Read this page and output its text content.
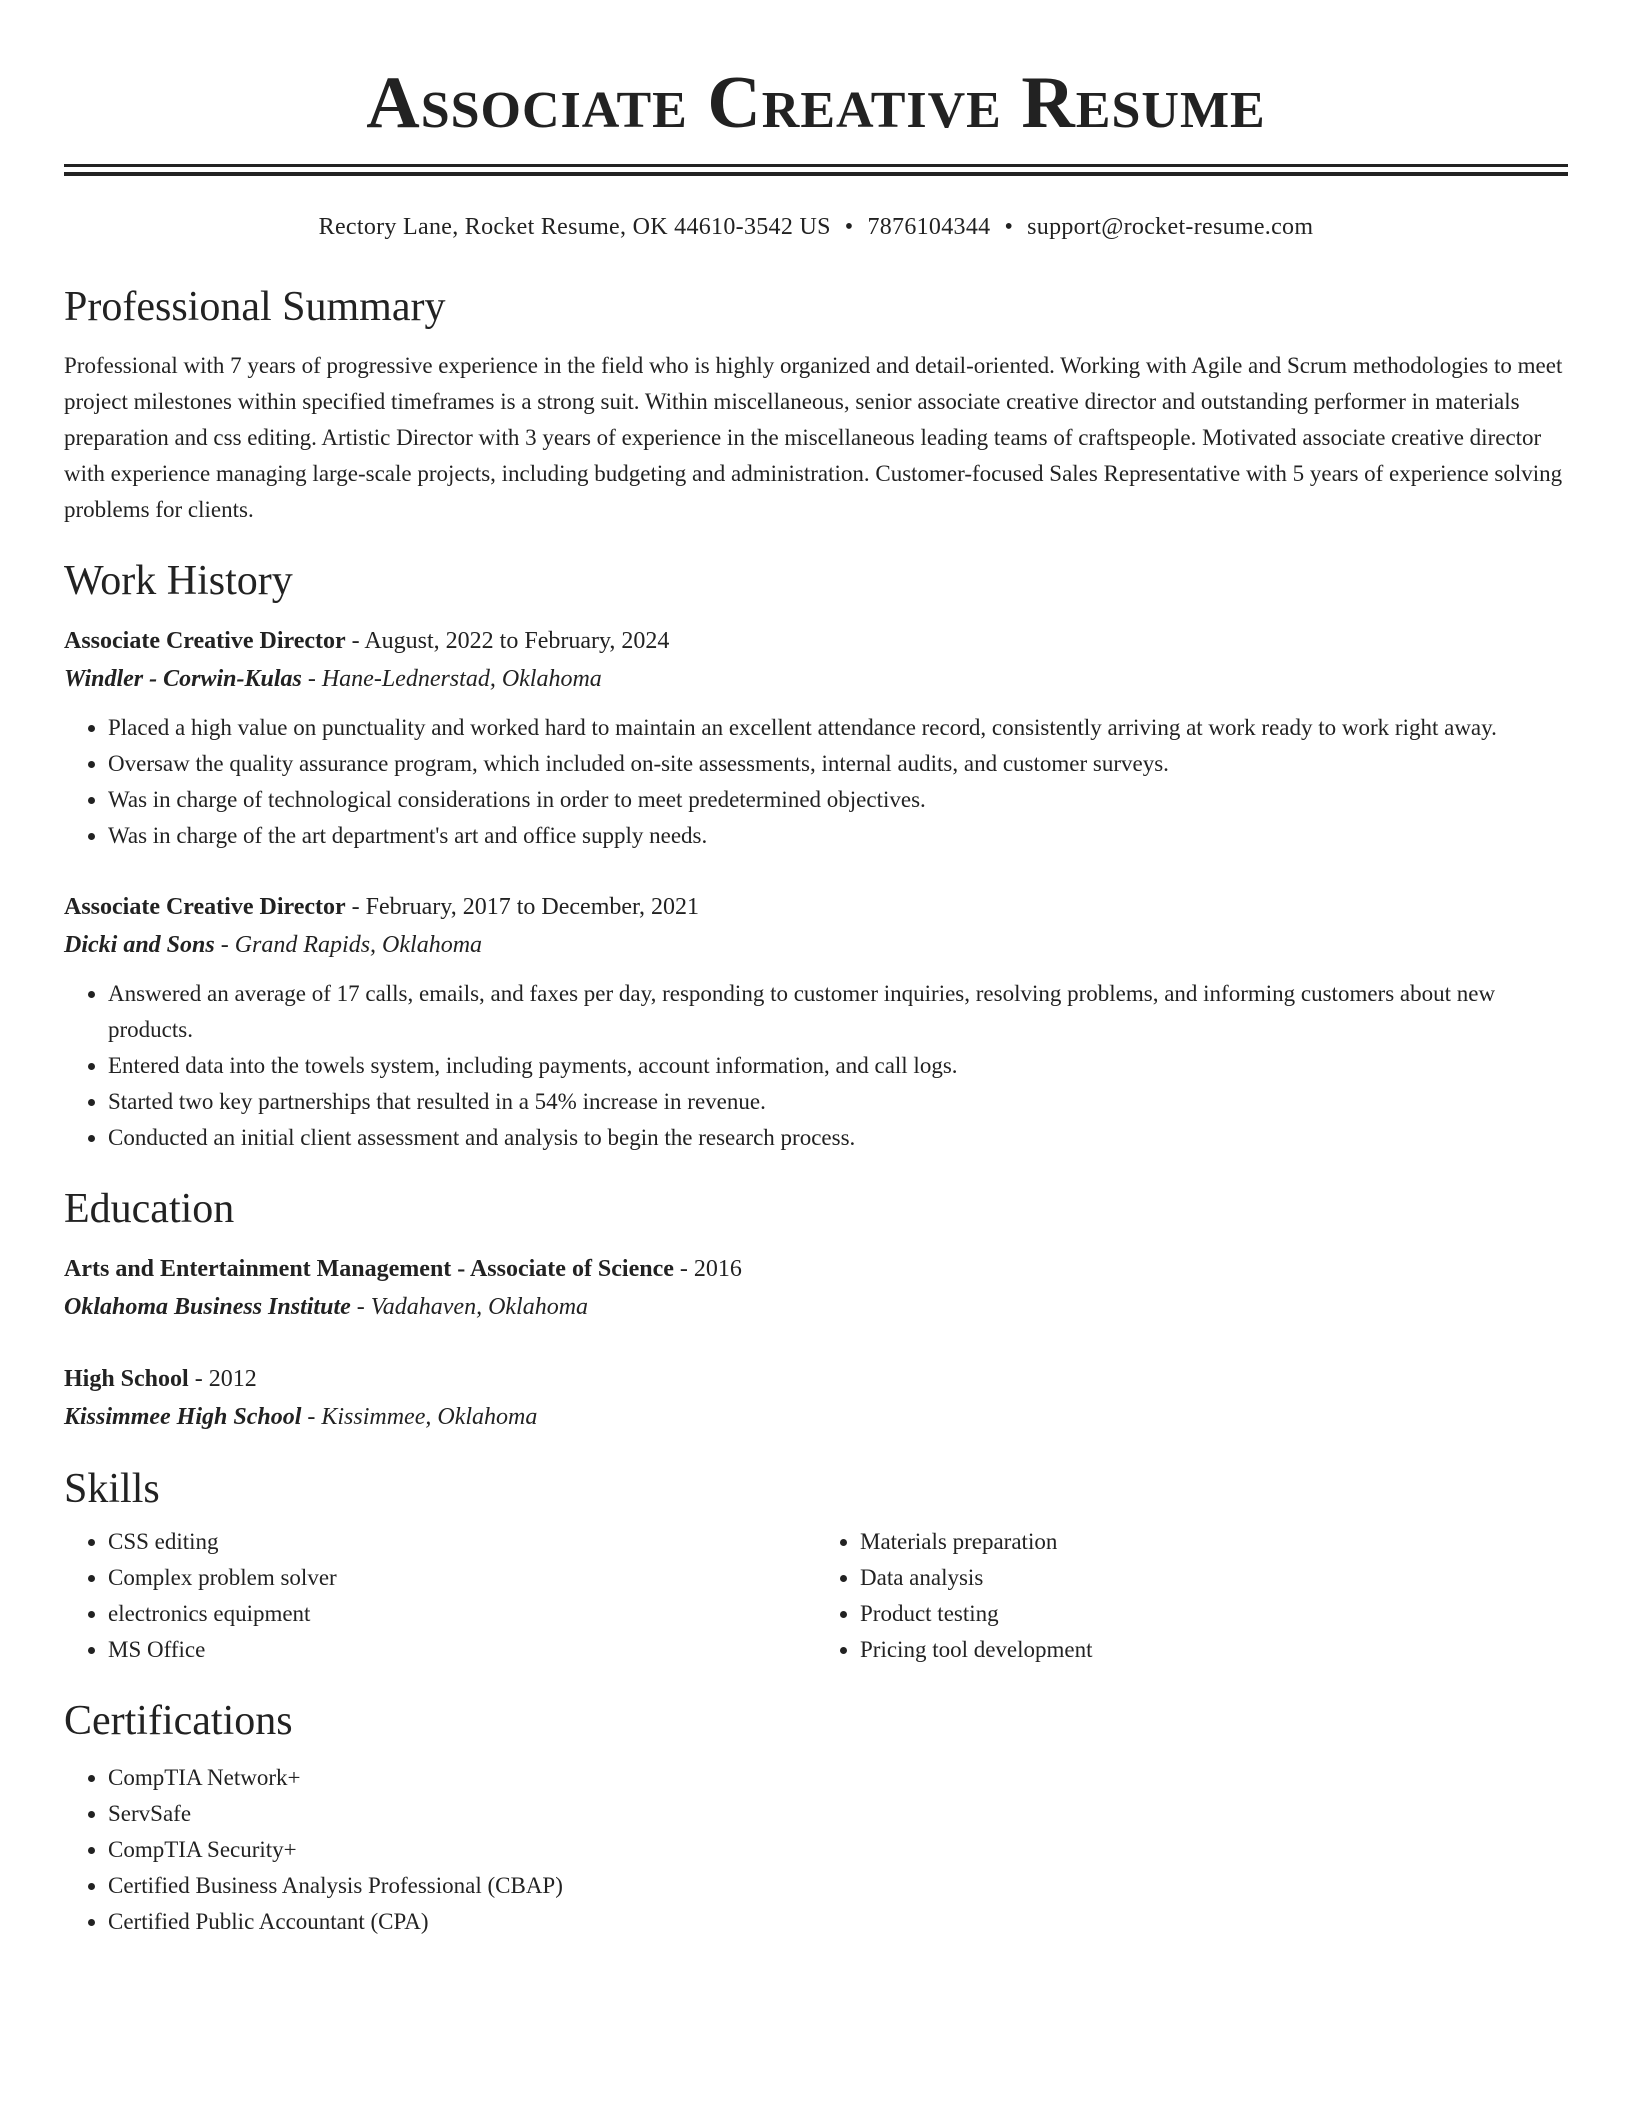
Associate Creative Resume
Rectory Lane, Rocket Resume, OK 44610-3542 US • 7876104344 • support@rocket-resume.com
Professional Summary

Professional with 7 years of progressive experience in the field who is highly organized and detail-oriented. Working with Agile and Scrum methodologies to meet project milestones within specified timeframes is a strong suit. Within miscellaneous, senior associate creative director and outstanding performer in materials preparation and css editing. Artistic Director with 3 years of experience in the miscellaneous leading teams of craftspeople. Motivated associate creative director with experience managing large-scale projects, including budgeting and administration. Customer-focused Sales Representative with 5 years of experience solving problems for clients.

Work History
Associate Creative Director - August, 2022 to February, 2024
Windler - Corwin-Kulas - Hane-Lednerstad, Oklahoma
• Placed a high value on punctuality and worked hard to maintain an excellent attendance record, consistently arriving at work ready to work right away.
• Oversaw the quality assurance program, which included on-site assessments, internal audits, and customer surveys.
• Was in charge of technological considerations in order to meet predetermined objectives.
• Was in charge of the art department's art and office supply needs.
Associate Creative Director - February, 2017 to December, 2021
Dicki and Sons - Grand Rapids, Oklahoma
• Answered an average of 17 calls, emails, and faxes per day, responding to customer inquiries, resolving problems, and informing customers about new products.
• Entered data into the towels system, including payments, account information, and call logs.
• Started two key partnerships that resulted in a 54% increase in revenue.
• Conducted an initial client assessment and analysis to begin the research process.
Education
Arts and Entertainment Management - Associate of Science - 2016
Oklahoma Business Institute - Vadahaven, Oklahoma
High School - 2012
Kissimmee High School - Kissimmee, Oklahoma
Skills
• CSS editing
• Complex problem solver
• electronics equipment
• MS Office
• Materials preparation
• Data analysis
• Product testing
• Pricing tool development
Certifications
• CompTIA Network+
• ServSafe
• CompTIA Security+
• Certified Business Analysis Professional (CBAP)
• Certified Public Accountant (CPA)
